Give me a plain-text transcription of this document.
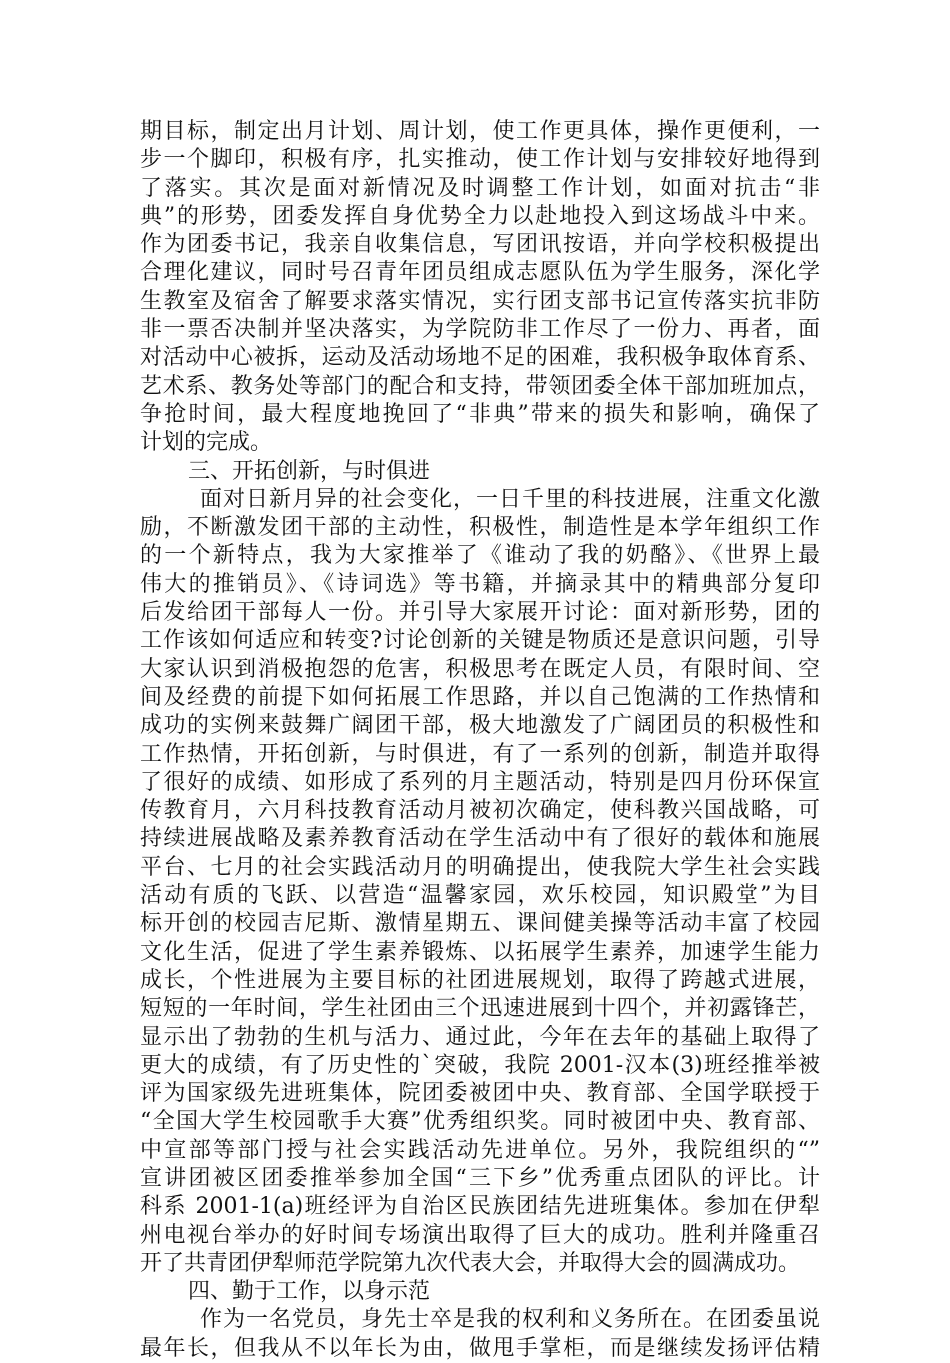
期目标，制定出月计划、周计划，使工作更具体，操作更便利，一
步一个脚印，积极有序，扎实推动，使工作计划与安排较好地得到
了落实。其次是面对新情况及时调整工作计划，如面对抗击“非
典”的形势，团委发挥自身优势全力以赴地投入到这场战斗中来。
作为团委书记，我亲自收集信息，写团讯按语，并向学校积极提出
合理化建议，同时号召青年团员组成志愿队伍为学生服务，深化学
生教室及宿舍了解要求落实情况，实行团支部书记宣传落实抗非防
非一票否决制并坚决落实，为学院防非工作尽了一份力、再者，面
对活动中心被拆，运动及活动场地不足的困难，我积极争取体育系、
艺术系、教务处等部门的配合和支持，带领团委全体干部加班加点，
争抢时间，最大程度地挽回了“非典”带来的损失和影响，确保了
计划的完成。
三、开拓创新，与时俱进
面对日新月异的社会变化，一日千里的科技进展，注重文化激
励，不断激发团干部的主动性，积极性，制造性是本学年组织工作
的一个新特点，我为大家推举了《谁动了我的奶酪》、《世界上最
伟大的推销员》、《诗词选》等书籍，并摘录其中的精典部分复印
后发给团干部每人一份。并引导大家展开讨论：面对新形势，团的
工作该如何适应和转变?讨论创新的关键是物质还是意识问题，引导
大家认识到消极抱怨的危害，积极思考在既定人员，有限时间、空
间及经费的前提下如何拓展工作思路，并以自己饱满的工作热情和
成功的实例来鼓舞广阔团干部，极大地激发了广阔团员的积极性和
工作热情，开拓创新，与时俱进，有了一系列的创新，制造并取得
了很好的成绩、如形成了系列的月主题活动，特别是四月份环保宣
传教育月，六月科技教育活动月被初次确定，使科教兴国战略，可
持续进展战略及素养教育活动在学生活动中有了很好的载体和施展
平台、七月的社会实践活动月的明确提出，使我院大学生社会实践
活动有质的飞跃、以营造“温馨家园，欢乐校园，知识殿堂”为目
标开创的校园吉尼斯、激情星期五、课间健美操等活动丰富了校园
文化生活，促进了学生素养锻炼、以拓展学生素养，加速学生能力
成长，个性进展为主要目标的社团进展规划，取得了跨越式进展，
短短的一年时间，学生社团由三个迅速进展到十四个，并初露锋芒，
显示出了勃勃的生机与活力、通过此，今年在去年的基础上取得了
更大的成绩，有了历史性的`突破，我院 2001-汉本(3)班经推举被
评为国家级先进班集体，院团委被团中央、教育部、全国学联授于
“全国大学生校园歌手大赛”优秀组织奖。同时被团中央、教育部、
中宣部等部门授与社会实践活动先进单位。另外，我院组织的“”
宣讲团被区团委推举参加全国“三下乡”优秀重点团队的评比。计
科系 2001-1(a)班经评为自治区民族团结先进班集体。参加在伊犁
州电视台举办的好时间专场演出取得了巨大的成功。胜利并隆重召
开了共青团伊犁师范学院第九次代表大会，并取得大会的圆满成功。
四、勤于工作，以身示范
作为一名党员，身先士卒是我的权利和义务所在。在团委虽说
最年长，但我从不以年长为由，做甩手掌柜，而是继续发扬评估精
